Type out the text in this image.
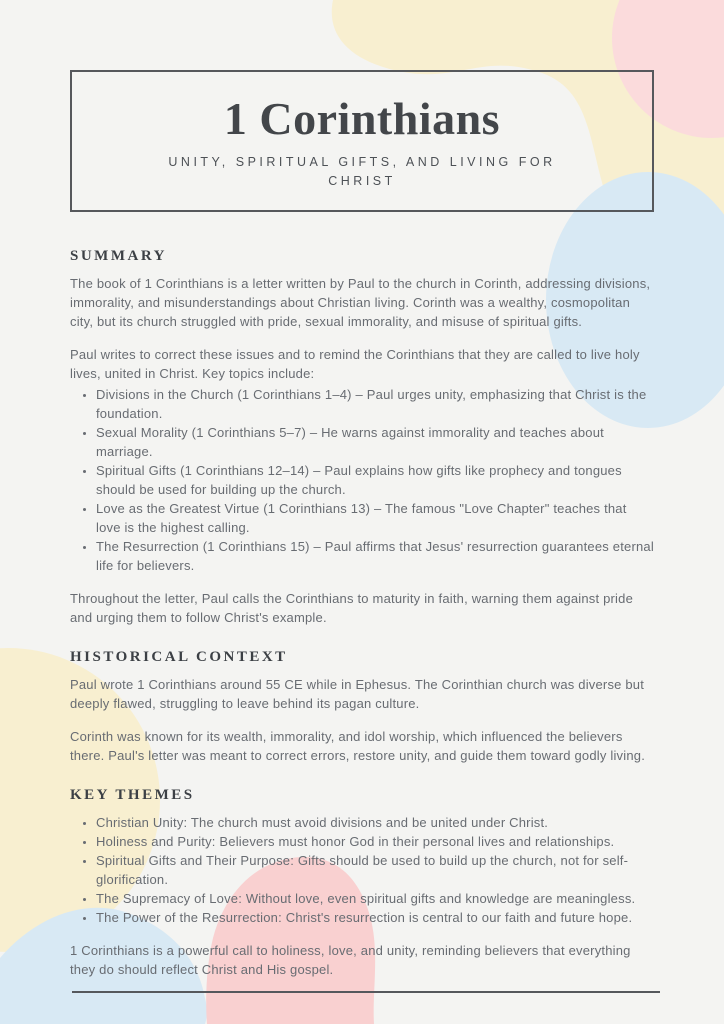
1 Corinthians
UNITY, SPIRITUAL GIFTS, AND LIVING FOR CHRIST
SUMMARY

The book of 1 Corinthians is a letter written by Paul to the church in Corinth, addressing divisions, immorality, and misunderstandings about Christian living. Corinth was a wealthy, cosmopolitan city, but its church struggled with pride, sexual immorality, and misuse of spiritual gifts.

Paul writes to correct these issues and to remind the Corinthians that they are called to live holy lives, united in Christ. Key topics include:

• Divisions in the Church (1 Corinthians 1–4) – Paul urges unity, emphasizing that Christ is the foundation.
• Sexual Morality (1 Corinthians 5–7) – He warns against immorality and teaches about marriage.
• Spiritual Gifts (1 Corinthians 12–14) – Paul explains how gifts like prophecy and tongues should be used for building up the church.
• Love as the Greatest Virtue (1 Corinthians 13) – The famous "Love Chapter" teaches that love is the highest calling.
• The Resurrection (1 Corinthians 15) – Paul affirms that Jesus' resurrection guarantees eternal life for believers.

Throughout the letter, Paul calls the Corinthians to maturity in faith, warning them against pride and urging them to follow Christ's example.

HISTORICAL CONTEXT

Paul wrote 1 Corinthians around 55 CE while in Ephesus. The Corinthian church was diverse but deeply flawed, struggling to leave behind its pagan culture.

Corinth was known for its wealth, immorality, and idol worship, which influenced the believers there. Paul's letter was meant to correct errors, restore unity, and guide them toward godly living.

KEY THEMES
• Christian Unity: The church must avoid divisions and be united under Christ.
• Holiness and Purity: Believers must honor God in their personal lives and relationships.
• Spiritual Gifts and Their Purpose: Gifts should be used to build up the church, not for self-glorification.
• The Supremacy of Love: Without love, even spiritual gifts and knowledge are meaningless.
• The Power of the Resurrection: Christ's resurrection is central to our faith and future hope.

1 Corinthians is a powerful call to holiness, love, and unity, reminding believers that everything they do should reflect Christ and His gospel.
